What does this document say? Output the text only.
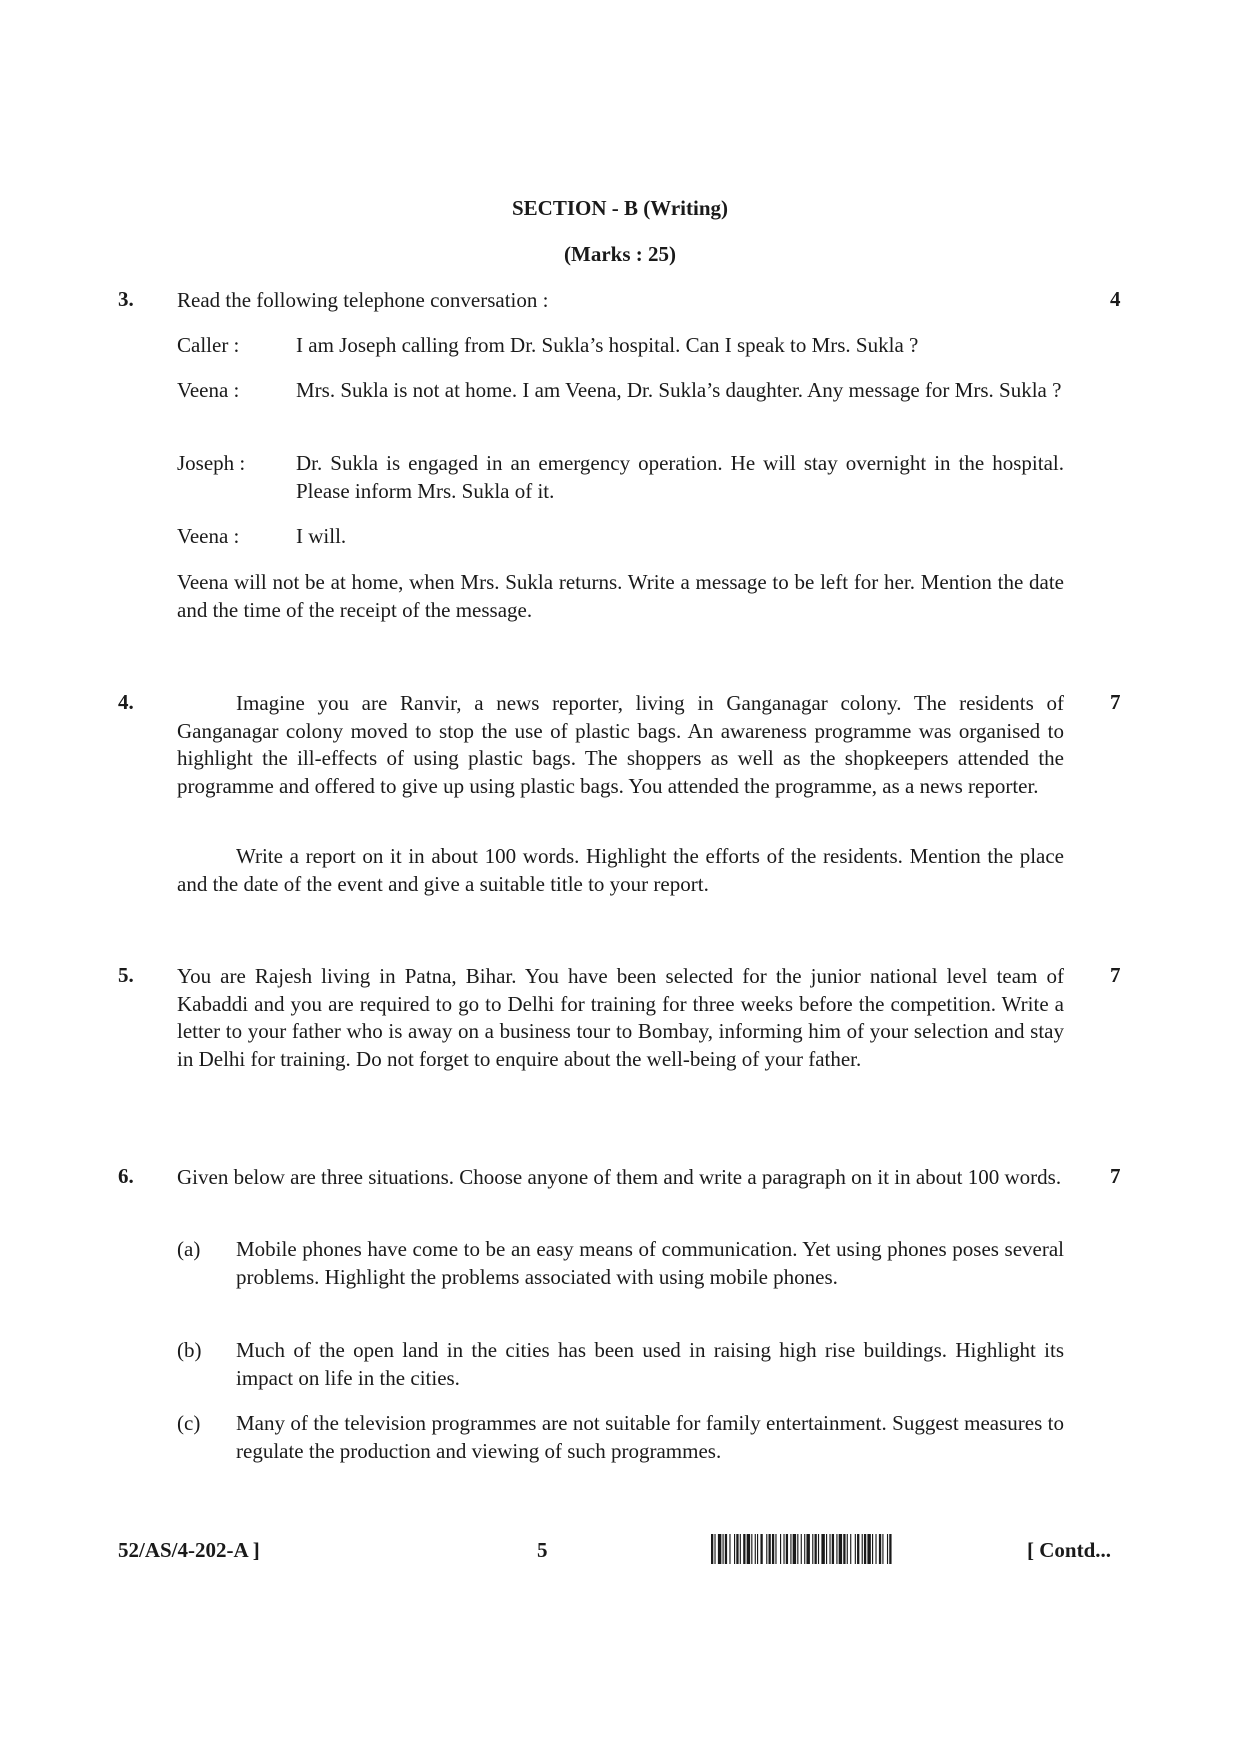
SECTION - B (Writing)
(Marks : 25)
3. Read the following telephone conversation :	4
Caller :	I am Joseph calling from Dr. Sukla’s hospital. Can I speak to Mrs. Sukla ?
Veena :	Mrs. Sukla is not at home. I am Veena, Dr. Sukla’s daughter. Any message for Mrs. Sukla ?
Joseph : Dr. Sukla is engaged in an emergency operation. He will stay overnight in the hospital. Please inform Mrs. Sukla of it.
Veena :	I will.
Veena will not be at home, when Mrs. Sukla returns. Write a message to be left for her. Mention the date and the time of the receipt of the message.
4.	Imagine you are Ranvir, a news reporter, living in Ganganagar colony. The residents of Ganganagar colony moved to stop the use of plastic bags. An awareness programme was organised to highlight the ill-effects of using plastic bags. The shoppers as well as the shopkeepers attended the programme and offered to give up using plastic bags. You attended the programme, as a news reporter.
7
Write a report on it in about 100 words. Highlight the efforts of the residents. Mention the place and the date of the event and give a suitable title to your report.
5. You are Rajesh living in Patna, Bihar. You have been selected for the junior national level team of Kabaddi and you are required to go to Delhi for training for three weeks before the competition. Write a letter to your father who is away on a business tour to Bombay, informing him of your selection and stay in Delhi for training. Do not forget to enquire about the well-being of your father.
7
6. Given below are three situations. Choose anyone of them and write a paragraph on it in about 100 words. 7
(a) Mobile phones have come to be an easy means of communication. Yet using phones poses several problems. Highlight the problems associated with using mobile phones.
(b) Much of the open land in the cities has been used in raising high rise buildings. Highlight its impact on life in the cities.
(c) Many of the television programmes are not suitable for family entertainment. Suggest measures to regulate the production and viewing of such programmes.
52/AS/4-202-A ]	5	[ Contd...
